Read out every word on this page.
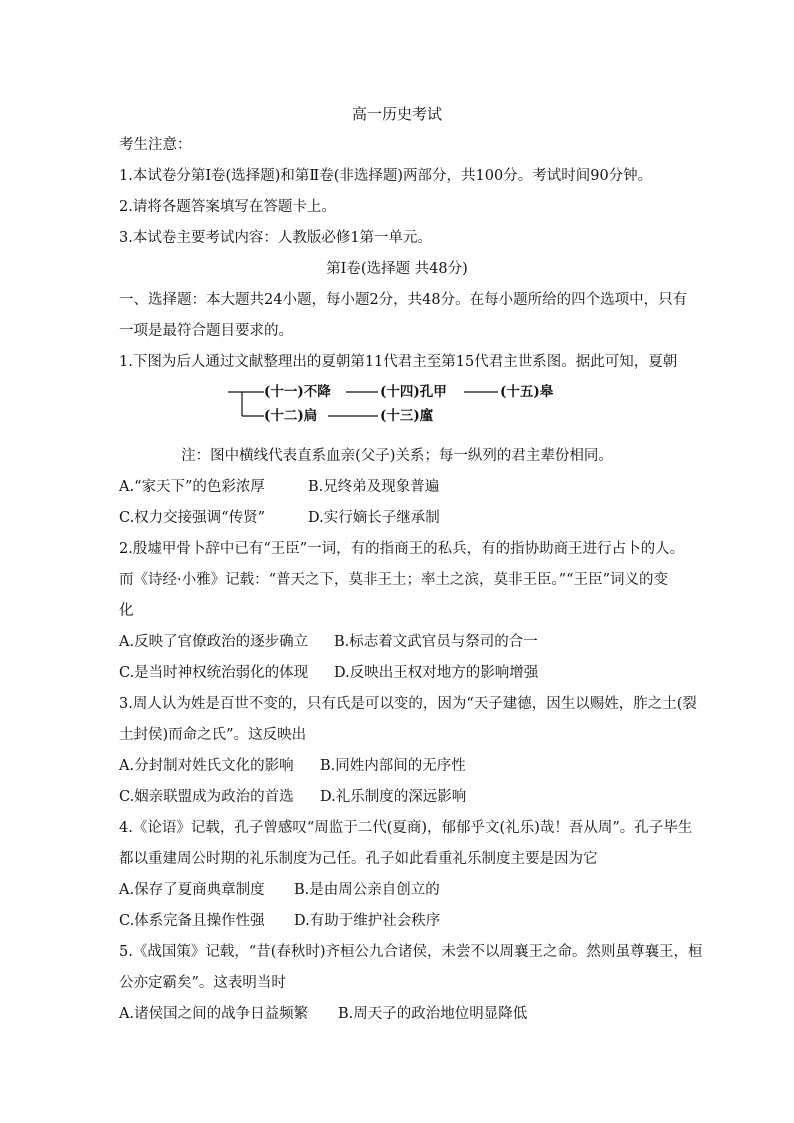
高一历史考试
考生注意：
1.本试卷分第Ⅰ卷(选择题)和第Ⅱ卷(非选择题)两部分，共100分。考试时间90分钟。
2.请将各题答案填写在答题卡上。
3.本试卷主要考试内容：人教版必修1第一单元。
第Ⅰ卷(选择题 共48分)
一、选择题：本大题共24小题，每小题2分，共48分。在每小题所给的四个选项中，只有
一项是最符合题目要求的。
1.下图为后人通过文献整理出的夏朝第11代君主至第15代君主世系图。据此可知，夏朝
(十一)不降	(十四)孔甲	(十五)皋
(十二)扃	(十三)廑
注：图中横线代表直系血亲(父子)关系；每一纵列的君主辈份相同。
A.“家天下”的色彩浓厚	B.兄终弟及现象普遍
C.权力交接强调“传贤”	D.实行嫡长子继承制
2.殷墟甲骨卜辞中已有“王臣”一词，有的指商王的私兵，有的指协助商王进行占卜的人。
而《诗经·小雅》记载：“普天之下，莫非王土；率土之滨，莫非王臣。”“王臣”词义的变
化
A.反映了官僚政治的逐步确立 B.标志着文武官员与祭司的合一
C.是当时神权统治弱化的体现 D.反映出王权对地方的影响增强
3.周人认为姓是百世不变的，只有氏是可以变的，因为“天子建德，因生以赐姓，胙之土(裂
土封侯)而命之氏”。这反映出
A.分封制对姓氏文化的影响 B.同姓内部间的无序性
C.姻亲联盟成为政治的首选 D.礼乐制度的深远影响
4.《论语》记载，孔子曾感叹“周监于二代(夏商)，郁郁乎文(礼乐)哉！吾从周”。孔子毕生
都以重建周公时期的礼乐制度为己任。孔子如此看重礼乐制度主要是因为它
A.保存了夏商典章制度 B.是由周公亲自创立的
C.体系完备且操作性强 D.有助于维护社会秩序
5.《战国策》记载，“昔(春秋时)齐桓公九合诸侯，未尝不以周襄王之命。然则虽尊襄王，桓
公亦定霸矣”。这表明当时
A.诸侯国之间的战争日益频繁 B.周天子的政治地位明显降低
